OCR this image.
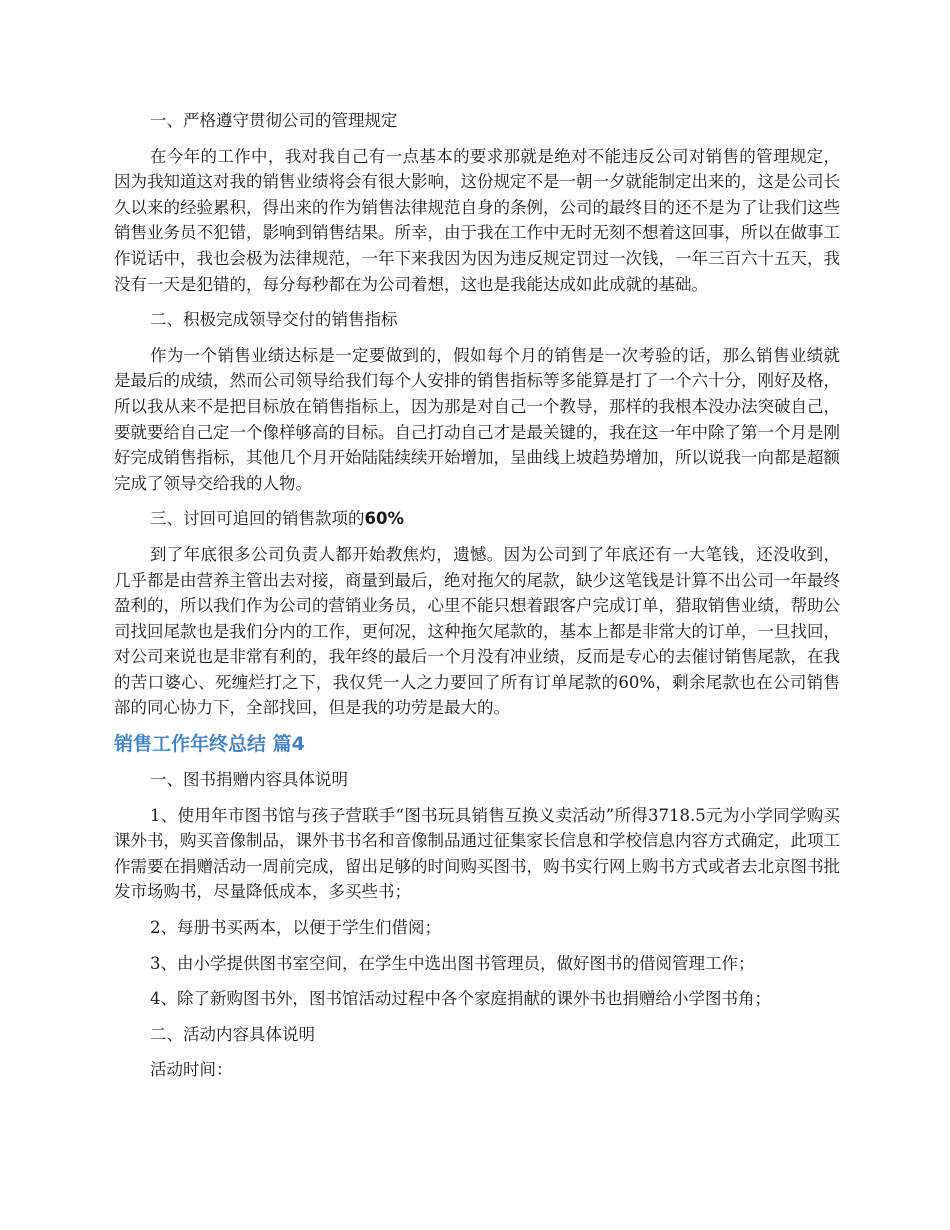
一、严格遵守贯彻公司的管理规定

在今年的工作中，我对我自己有一点基本的要求那就是绝对不能违反公司对销售的管理规定，因为我知道这对我的销售业绩将会有很大影响，这份规定不是一朝一夕就能制定出来的，这是公司长久以来的经验累积，得出来的作为销售法律规范自身的条例，公司的最终目的还不是为了让我们这些销售业务员不犯错，影响到销售结果。所幸，由于我在工作中无时无刻不想着这回事，所以在做事工作说话中，我也会极为法律规范，一年下来我因为因为违反规定罚过一次钱，一年三百六十五天，我没有一天是犯错的，每分每秒都在为公司着想，这也是我能达成如此成就的基础。

二、积极完成领导交付的销售指标

作为一个销售业绩达标是一定要做到的，假如每个月的销售是一次考验的话，那么销售业绩就是最后的成绩，然而公司领导给我们每个人安排的销售指标等多能算是打了一个六十分，刚好及格，所以我从来不是把目标放在销售指标上，因为那是对自己一个教导，那样的我根本没办法突破自己，要就要给自己定一个像样够高的目标。自己打动自己才是最关键的，我在这一年中除了第一个月是刚好完成销售指标，其他几个月开始陆陆续续开始增加，呈曲线上坡趋势增加，所以说我一向都是超额完成了领导交给我的人物。

三、讨回可追回的销售款项的60%

到了年底很多公司负责人都开始教焦灼，遗憾。因为公司到了年底还有一大笔钱，还没收到，几乎都是由营养主管出去对接，商量到最后，绝对拖欠的尾款，缺少这笔钱是计算不出公司一年最终盈利的，所以我们作为公司的营销业务员，心里不能只想着跟客户完成订单，猎取销售业绩，帮助公司找回尾款也是我们分内的工作，更何况，这种拖欠尾款的，基本上都是非常大的订单，一旦找回，对公司来说也是非常有利的，我年终的最后一个月没有冲业绩，反而是专心的去催讨销售尾款，在我的苦口婆心、死缠烂打之下，我仅凭一人之力要回了所有订单尾款的60%，剩余尾款也在公司销售部的同心协力下，全部找回，但是我的功劳是最大的。

销售工作年终总结 篇4

一、图书捐赠内容具体说明

1、使用年市图书馆与孩子营联手“图书玩具销售互换义卖活动”所得3718.5元为小学同学购买课外书，购买音像制品，课外书书名和音像制品通过征集家长信息和学校信息内容方式确定，此项工作需要在捐赠活动一周前完成，留出足够的时间购买图书，购书实行网上购书方式或者去北京图书批发市场购书，尽量降低成本，多买些书；

2、每册书买两本，以便于学生们借阅；

3、由小学提供图书室空间，在学生中选出图书管理员，做好图书的借阅管理工作；

4、除了新购图书外，图书馆活动过程中各个家庭捐献的课外书也捐赠给小学图书角；

二、活动内容具体说明

活动时间：
